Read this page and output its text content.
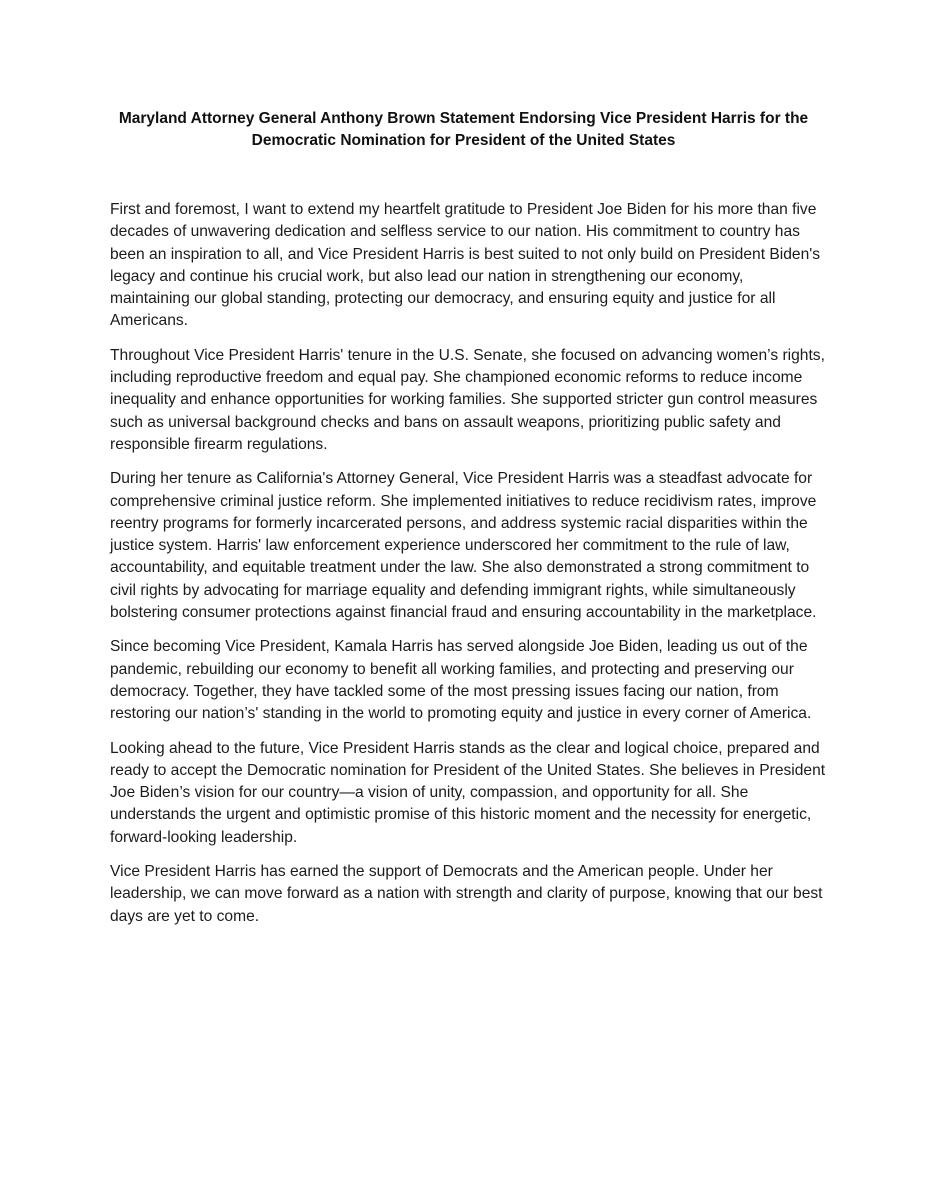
Maryland Attorney General Anthony Brown Statement Endorsing Vice President Harris for the Democratic Nomination for President of the United States

First and foremost, I want to extend my heartfelt gratitude to President Joe Biden for his more than five decades of unwavering dedication and selfless service to our nation. His commitment to country has been an inspiration to all, and Vice President Harris is best suited to not only build on President Biden's legacy and continue his crucial work, but also lead our nation in strengthening our economy, maintaining our global standing, protecting our democracy, and ensuring equity and justice for all Americans.

Throughout Vice President Harris' tenure in the U.S. Senate, she focused on advancing women’s rights, including reproductive freedom and equal pay. She championed economic reforms to reduce income inequality and enhance opportunities for working families. She supported stricter gun control measures such as universal background checks and bans on assault weapons, prioritizing public safety and responsible firearm regulations.

During her tenure as California's Attorney General, Vice President Harris was a steadfast advocate for comprehensive criminal justice reform. She implemented initiatives to reduce recidivism rates, improve reentry programs for formerly incarcerated persons, and address systemic racial disparities within the justice system. Harris' law enforcement experience underscored her commitment to the rule of law, accountability, and equitable treatment under the law. She also demonstrated a strong commitment to civil rights by advocating for marriage equality and defending immigrant rights, while simultaneously bolstering consumer protections against financial fraud and ensuring accountability in the marketplace.

Since becoming Vice President, Kamala Harris has served alongside Joe Biden, leading us out of the pandemic, rebuilding our economy to benefit all working families, and protecting and preserving our democracy. Together, they have tackled some of the most pressing issues facing our nation, from restoring our nation’s' standing in the world to promoting equity and justice in every corner of America.

Looking ahead to the future, Vice President Harris stands as the clear and logical choice, prepared and ready to accept the Democratic nomination for President of the United States. She believes in President Joe Biden’s vision for our country—a vision of unity, compassion, and opportunity for all. She understands the urgent and optimistic promise of this historic moment and the necessity for energetic, forward-looking leadership.

Vice President Harris has earned the support of Democrats and the American people. Under her leadership, we can move forward as a nation with strength and clarity of purpose, knowing that our best days are yet to come.
